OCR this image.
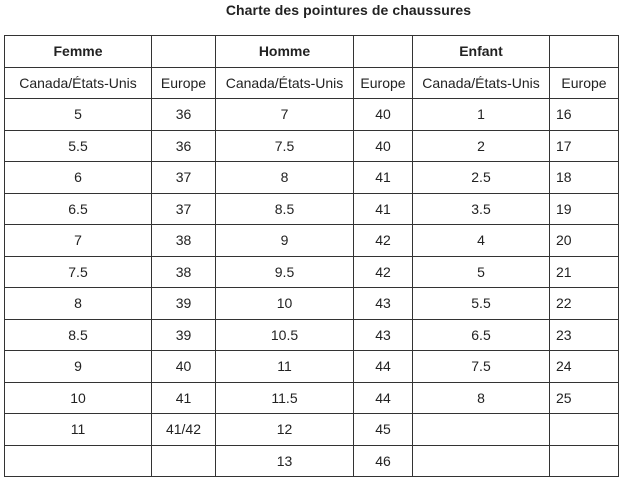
Charte des pointures de chaussures
Femme		Homme		Enfant	
Canada/États-Unis	Europe	Canada/États-Unis	Europe	Canada/États-Unis	Europe
5	36	7	40	1	16
5.5	36	7.5	40	2	17
6	37	8	41	2.5	18
6.5	37	8.5	41	3.5	19
7	38	9	42	4	20
7.5	38	9.5	42	5	21
8	39	10	43	5.5	22
8.5	39	10.5	43	6.5	23
9	40	11	44	7.5	24
10	41	11.5	44	8	25
11	41/42	12	45		
		13	46		
